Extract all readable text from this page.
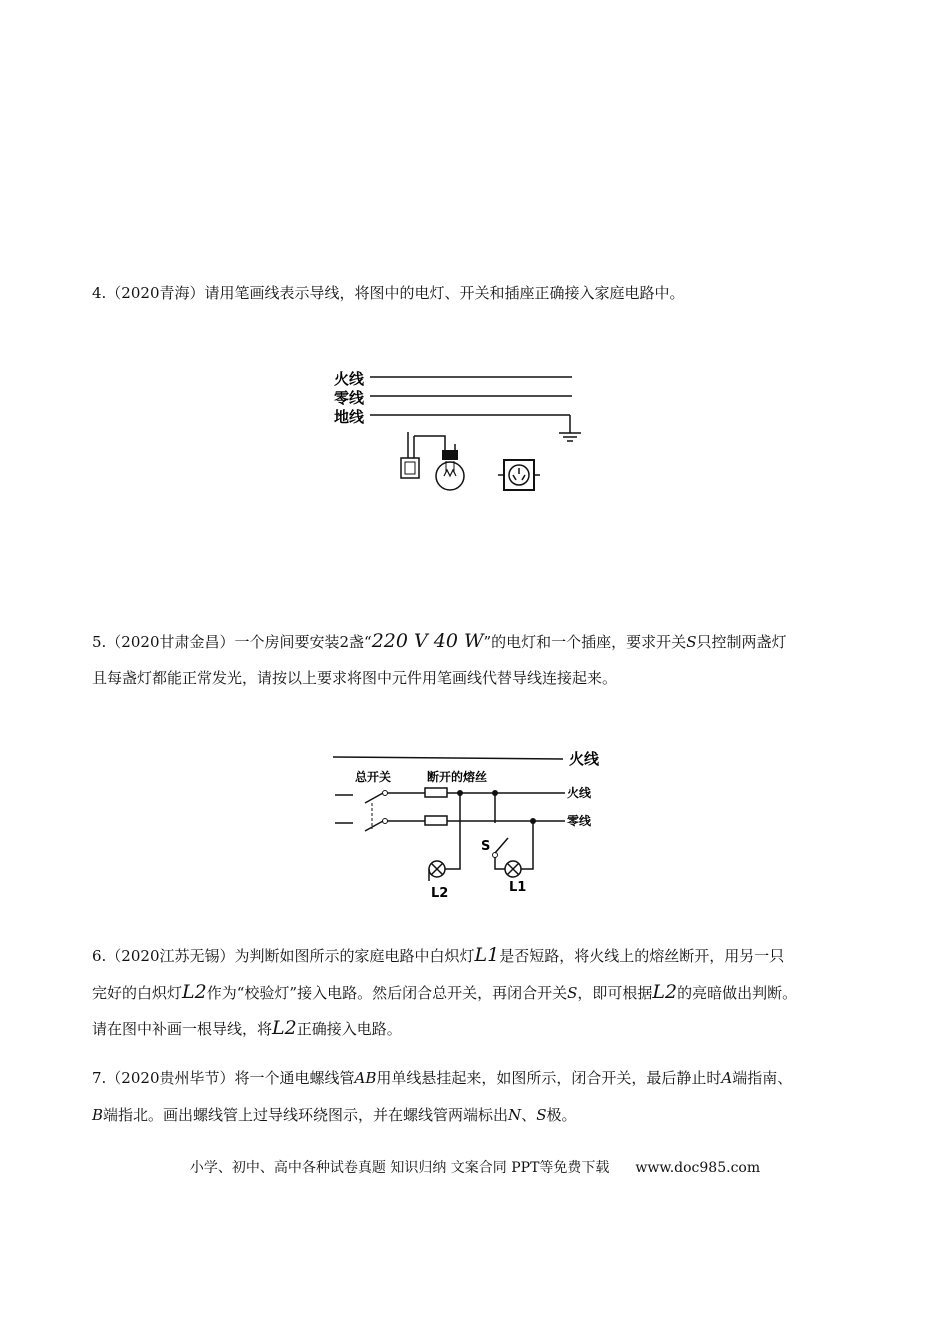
4.（2020青海）请用笔画线表示导线，将图中的电灯、开关和插座正确接入家庭电路中。
火线
零线
地线
5.（2020甘肃金昌）一个房间要安装2盏“220 V 40 W”的电灯和一个插座，要求开关S只控制两盏灯
且每盏灯都能正常发光，请按以上要求将图中元件用笔画线代替导线连接起来。
火线
总开关	断开的熔丝
火线
零线
L2
S
L1
6.（2020江苏无锡）为判断如图所示的家庭电路中白炽灯L1是否短路，将火线上的熔丝断开，用另一只
完好的白炽灯L2作为“校验灯”接入电路。然后闭合总开关，再闭合开关S，即可根据L2的亮暗做出判断。
请在图中补画一根导线，将L2正确接入电路。
7.（2020贵州毕节）将一个通电螺线管AB用单线悬挂起来，如图所示，闭合开关，最后静止时A端指南、
B端指北。画出螺线管上过导线环绕图示，并在螺线管两端标出N、S极。
小学、初中、高中各种试卷真题 知识归纳 文案合同 PPT等免费下载 www.doc985.com
